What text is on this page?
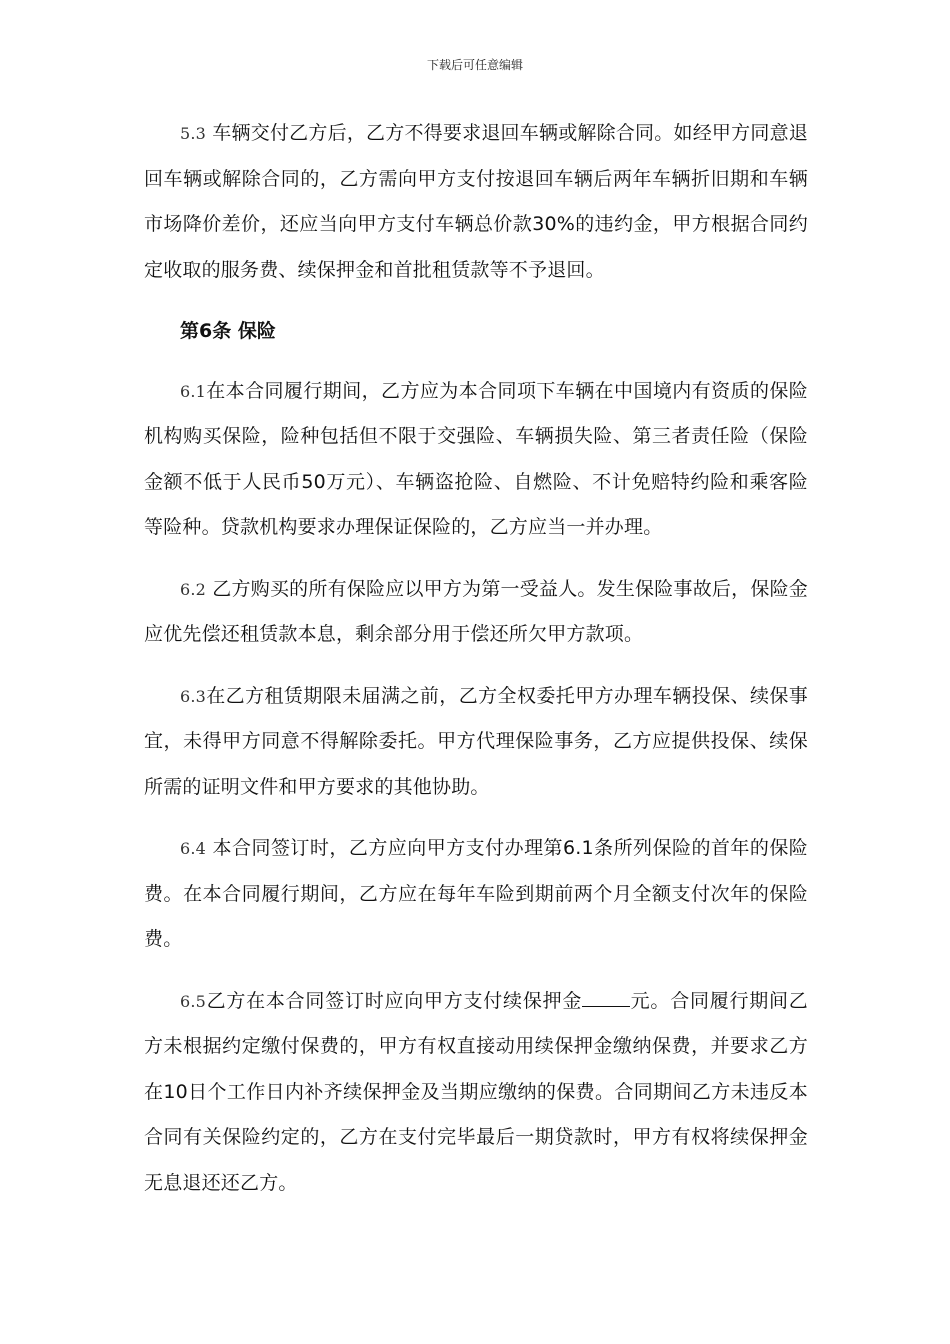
下载后可任意编辑

5.3 车辆交付乙方后，乙方不得要求退回车辆或解除合同。如经甲方同意退回车辆或解除合同的，乙方需向甲方支付按退回车辆后两年车辆折旧期和车辆市场降价差价，还应当向甲方支付车辆总价款30%的违约金，甲方根据合同约定收取的服务费、续保押金和首批租赁款等不予退回。

第6条 保险

6.1在本合同履行期间，乙方应为本合同项下车辆在中国境内有资质的保险机构购买保险，险种包括但不限于交强险、车辆损失险、第三者责任险（保险金额不低于人民币50万元）、车辆盗抢险、自燃险、不计免赔特约险和乘客险等险种。贷款机构要求办理保证保险的，乙方应当一并办理。

6.2 乙方购买的所有保险应以甲方为第一受益人。发生保险事故后，保险金应优先偿还租赁款本息，剩余部分用于偿还所欠甲方款项。

6.3在乙方租赁期限未届满之前，乙方全权委托甲方办理车辆投保、续保事宜，未得甲方同意不得解除委托。甲方代理保险事务，乙方应提供投保、续保所需的证明文件和甲方要求的其他协助。

6.4 本合同签订时，乙方应向甲方支付办理第6.1条所列保险的首年的保险费。在本合同履行期间，乙方应在每年车险到期前两个月全额支付次年的保险费。

6.5乙方在本合同签订时应向甲方支付续保押金	元。合同履行期间乙方未根据约定缴付保费的，甲方有权直接动用续保押金缴纳保费，并要求乙方在10日个工作日内补齐续保押金及当期应缴纳的保费。合同期间乙方未违反本合同有关保险约定的，乙方在支付完毕最后一期贷款时，甲方有权将续保押金无息退还还乙方。
